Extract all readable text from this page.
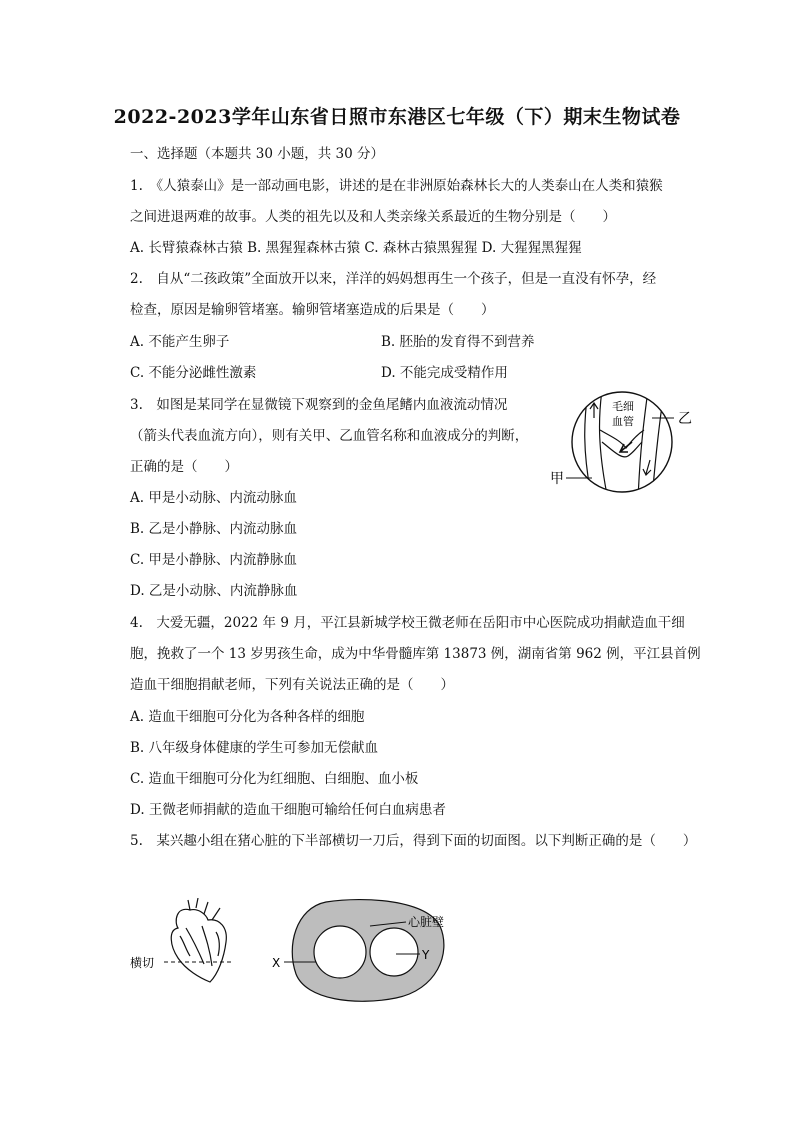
2022-2023学年山东省日照市东港区七年级（下）期末生物试卷
一、选择题（本题共 30 小题，共 30 分）
1.　《人猿泰山》是一部动画电影，讲述的是在非洲原始森林长大的人类泰山在人类和猿猴
之间进退两难的故事。人类的祖先以及和人类亲缘关系最近的生物分别是（　　）
A. 长臂猿森林古猿 B. 黑猩猩森林古猿 C. 森林古猿黑猩猩 D. 大猩猩黑猩猩
2.　自从“二孩政策”全面放开以来，洋洋的妈妈想再生一个孩子，但是一直没有怀孕，经
检查，原因是输卵管堵塞。输卵管堵塞造成的后果是（　　）
A. 不能产生卵子	B. 胚胎的发育得不到营养
C. 不能分泌雌性激素	D. 不能完成受精作用
3.　如图是某同学在显微镜下观察到的金鱼尾鳍内血液流动情况
（箭头代表血流方向），则有关甲、乙血管名称和血液成分的判断，
正确的是（　　）
A. 甲是小动脉、内流动脉血
B. 乙是小静脉、内流动脉血
C. 甲是小静脉、内流静脉血
D. 乙是小动脉、内流静脉血
毛细
血管	乙
甲
4.　大爱无疆，2022 年 9 月，平江县新城学校王微老师在岳阳市中心医院成功捐献造血干细
胞，挽救了一个 13 岁男孩生命，成为中华骨髓库第 13873 例，湖南省第 962 例，平江县首例
造血干细胞捐献老师，下列有关说法正确的是（　　）
A. 造血干细胞可分化为各种各样的细胞
B. 八年级身体健康的学生可参加无偿献血
C. 造血干细胞可分化为红细胞、白细胞、血小板
D. 王微老师捐献的造血干细胞可输给任何白血病患者
5.　某兴趣小组在猪心脏的下半部横切一刀后，得到下面的切面图。以下判断正确的是（　　）
横切	X
Y
心脏壁
